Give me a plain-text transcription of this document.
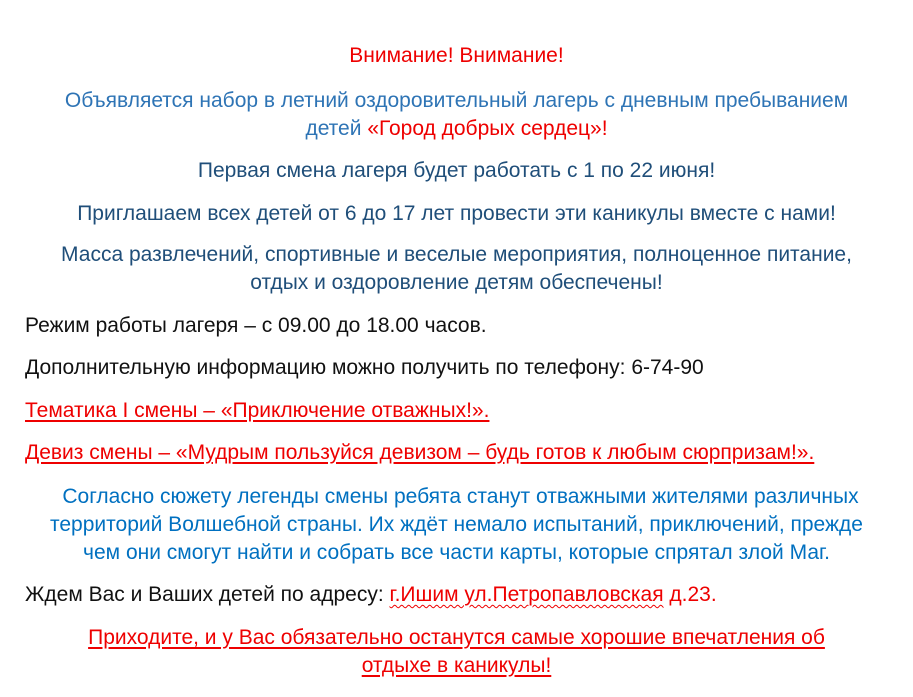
Внимание! Внимание!
Объявляется набор в летний оздоровительный лагерь с дневным пребыванием
детей «Город добрых сердец»!
Первая смена лагеря будет работать с 1 по 22 июня!
Приглашаем всех детей от 6 до 17 лет провести эти каникулы вместе с нами!
Масса развлечений, спортивные и веселые мероприятия, полноценное питание,
отдых и оздоровление детям обеспечены!
Режим работы лагеря – с 09.00 до 18.00 часов.
Дополнительную информацию можно получить по телефону: 6-74-90
Тематика I смены – «Приключение отважных!».
Девиз смены – «Мудрым пользуйся девизом – будь готов к любым сюрпризам!».
Согласно сюжету легенды смены ребята станут отважными жителями различных
территорий Волшебной страны. Их ждёт немало испытаний, приключений, прежде
чем они смогут найти и собрать все части карты, которые спрятал злой Маг.
Ждем Вас и Ваших детей по адресу: г.Ишим ул.Петропавловская д.23.
Приходите, и у Вас обязательно останутся самые хорошие впечатления об
отдыхе в каникулы!
